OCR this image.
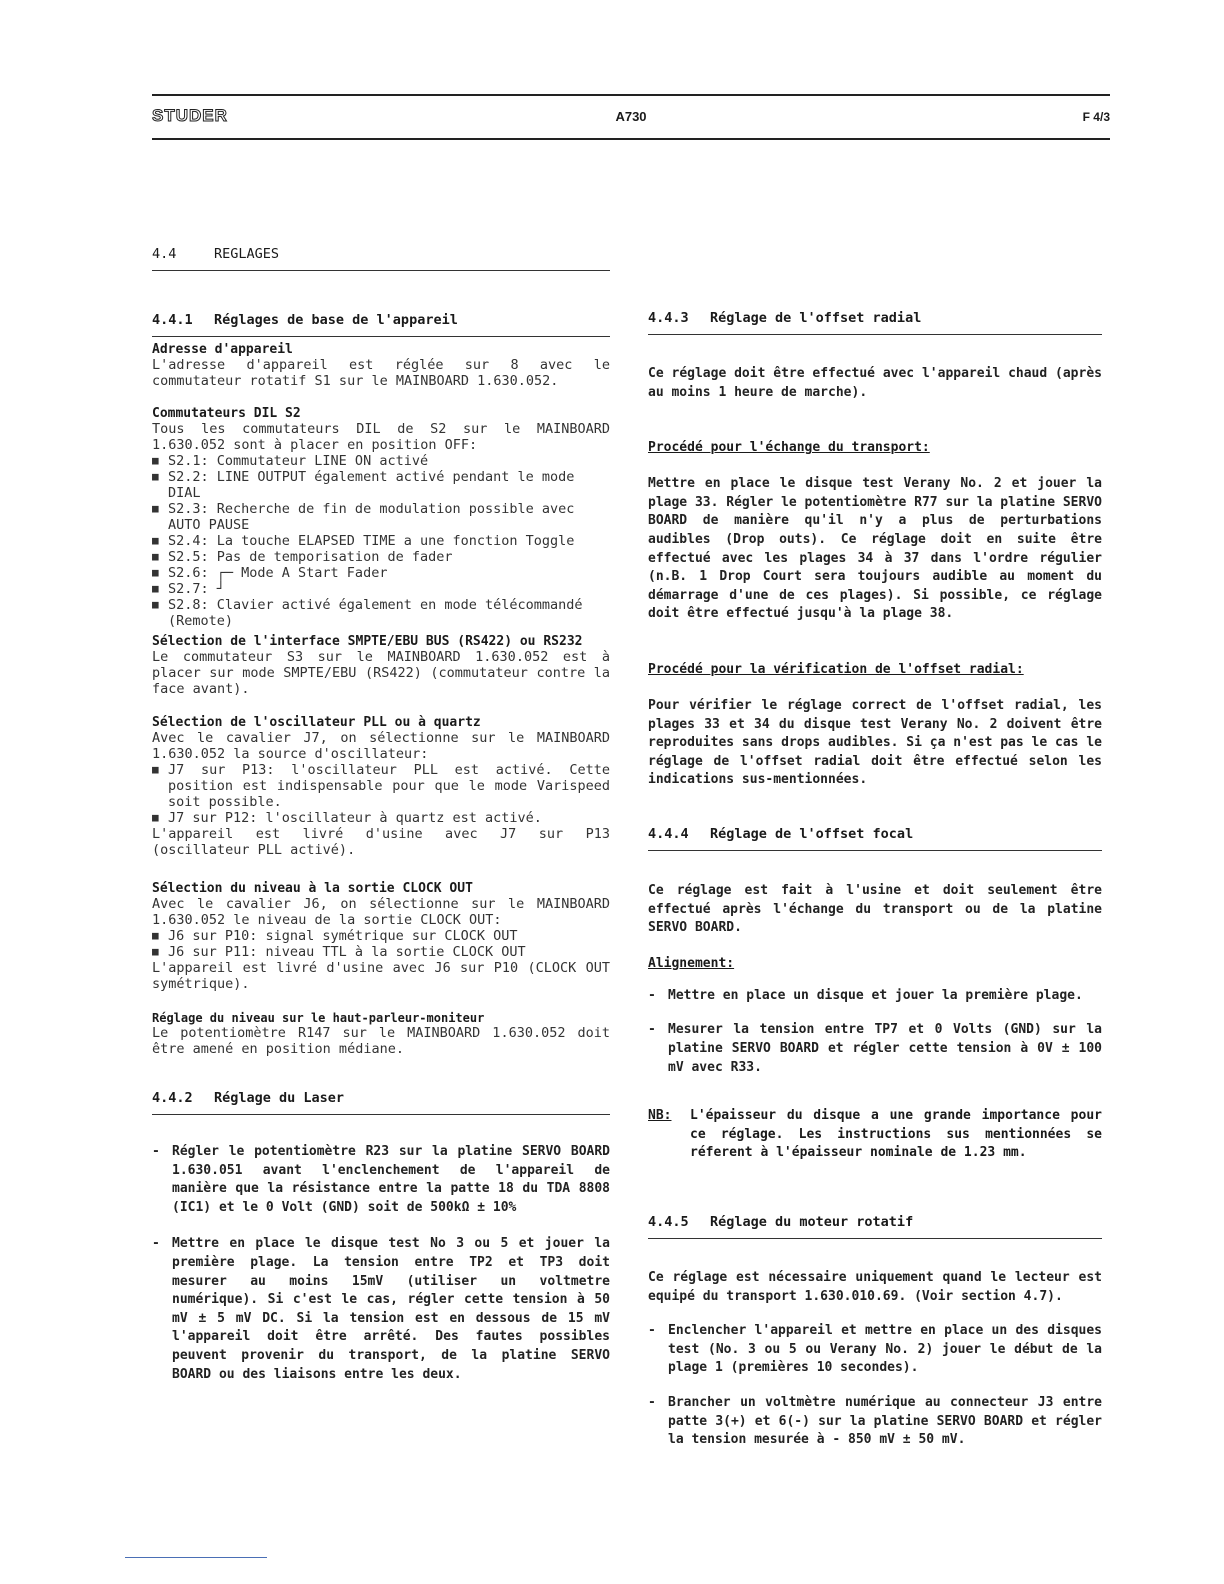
STUDER	A730	F 4/3

4.4	REGLAGES

4.4.1 Réglages de base de l'appareil

Adresse d'appareil

L'adresse d'appareil est réglée sur 8 avec le commutateur rotatif S1 sur le MAINBOARD 1.630.052.

Commutateurs DIL S2

Tous les commutateurs DIL de S2 sur le MAINBOARD 1.630.052 sont à placer en position OFF:

■ S2.1: Commutateur LINE ON activé
■ S2.2: LINE OUTPUT également activé pendant le mode DIAL
■ S2.3: Recherche de fin de modulation possible avec AUTO PAUSE
■ S2.4: La touche ELAPSED TIME a une fonction Toggle
■ S2.5: Pas de temporisation de fader
■ S2.6: ┌─ Mode A Start Fader
■ S2.7: ┘
■ S2.8: Clavier activé également en mode télécommandé (Remote)

Sélection de l'interface SMPTE/EBU BUS (RS422) ou RS232

Le commutateur S3 sur le MAINBOARD 1.630.052 est à placer sur mode SMPTE/EBU (RS422) (commutateur contre la face avant).

Sélection de l'oscillateur PLL ou à quartz

Avec le cavalier J7, on sélectionne sur le MAINBOARD 1.630.052 la source d'oscillateur:

■ J7 sur P13: l'oscillateur PLL est activé. Cette position est indispensable pour que le mode Varispeed soit possible.
■ J7 sur P12: l'oscillateur à quartz est activé.

L'appareil est livré d'usine avec J7 sur P13 (oscillateur PLL activé).

Sélection du niveau à la sortie CLOCK OUT

Avec le cavalier J6, on sélectionne sur le MAINBOARD 1.630.052 le niveau de la sortie CLOCK OUT:

■ J6 sur P10: signal symétrique sur CLOCK OUT
■ J6 sur P11: niveau TTL à la sortie CLOCK OUT

L'appareil est livré d'usine avec J6 sur P10 (CLOCK OUT symétrique).

Réglage du niveau sur le haut-parleur-moniteur

Le potentiomètre R147 sur le MAINBOARD 1.630.052 doit être amené en position médiane.

4.4.2 Réglage du Laser

- Régler le potentiomètre R23 sur la platine SERVO BOARD 1.630.051 avant l'enclenchement de l'appareil de manière que la résistance entre la patte 18 du TDA 8808 (IC1) et le 0 Volt (GND) soit de 500kΩ ± 10%
- Mettre en place le disque test No 3 ou 5 et jouer la première plage. La tension entre TP2 et TP3 doit mesurer au moins 15mV (utiliser un voltmetre numérique). Si c'est le cas, régler cette tension à 50 mV ± 5 mV DC. Si la tension est en dessous de 15 mV l'appareil doit être arrêté. Des fautes possibles peuvent provenir du transport, de la platine SERVO BOARD ou des liaisons entre les deux.

4.4.3 Réglage de l'offset radial

Ce réglage doit être effectué avec l'appareil chaud (après au moins 1 heure de marche).

Procédé pour l'échange du transport:

Mettre en place le disque test Verany No. 2 et jouer la plage 33. Régler le potentiomètre R77 sur la platine SERVO BOARD de manière qu'il n'y a plus de perturbations audibles (Drop outs). Ce réglage doit en suite être effectué avec les plages 34 à 37 dans l'ordre régulier (n.B. 1 Drop Court sera toujours audible au moment du démarrage d'une de ces plages). Si possible, ce réglage doit être effectué jusqu'à la plage 38.

Procédé pour la vérification de l'offset radial:

Pour vérifier le réglage correct de l'offset radial, les plages 33 et 34 du disque test Verany No. 2 doivent être reproduites sans drops audibles. Si ça n'est pas le cas le réglage de l'offset radial doit être effectué selon les indications sus-mentionnées.

4.4.4 Réglage de l'offset focal

Ce réglage est fait à l'usine et doit seulement être effectué après l'échange du transport ou de la platine SERVO BOARD.

Alignement:

- Mettre en place un disque et jouer la première plage.
- Mesurer la tension entre TP7 et 0 Volts (GND) sur la platine SERVO BOARD et régler cette tension à 0V ± 100 mV avec R33.
NB:	L'épaisseur du disque a une grande importance pour ce réglage. Les instructions sus mentionnées se réferent à l'épaisseur nominale de 1.23 mm.

4.4.5 Réglage du moteur rotatif

Ce réglage est nécessaire uniquement quand le lecteur est equipé du transport 1.630.010.69. (Voir section 4.7).

- Enclencher l'appareil et mettre en place un des disques test (No. 3 ou 5 ou Verany No. 2) jouer le début de la plage 1 (premières 10 secondes).
- Brancher un voltmètre numérique au connecteur J3 entre patte 3(+) et 6(-) sur la platine SERVO BOARD et régler la tension mesurée à - 850 mV ± 50 mV.
